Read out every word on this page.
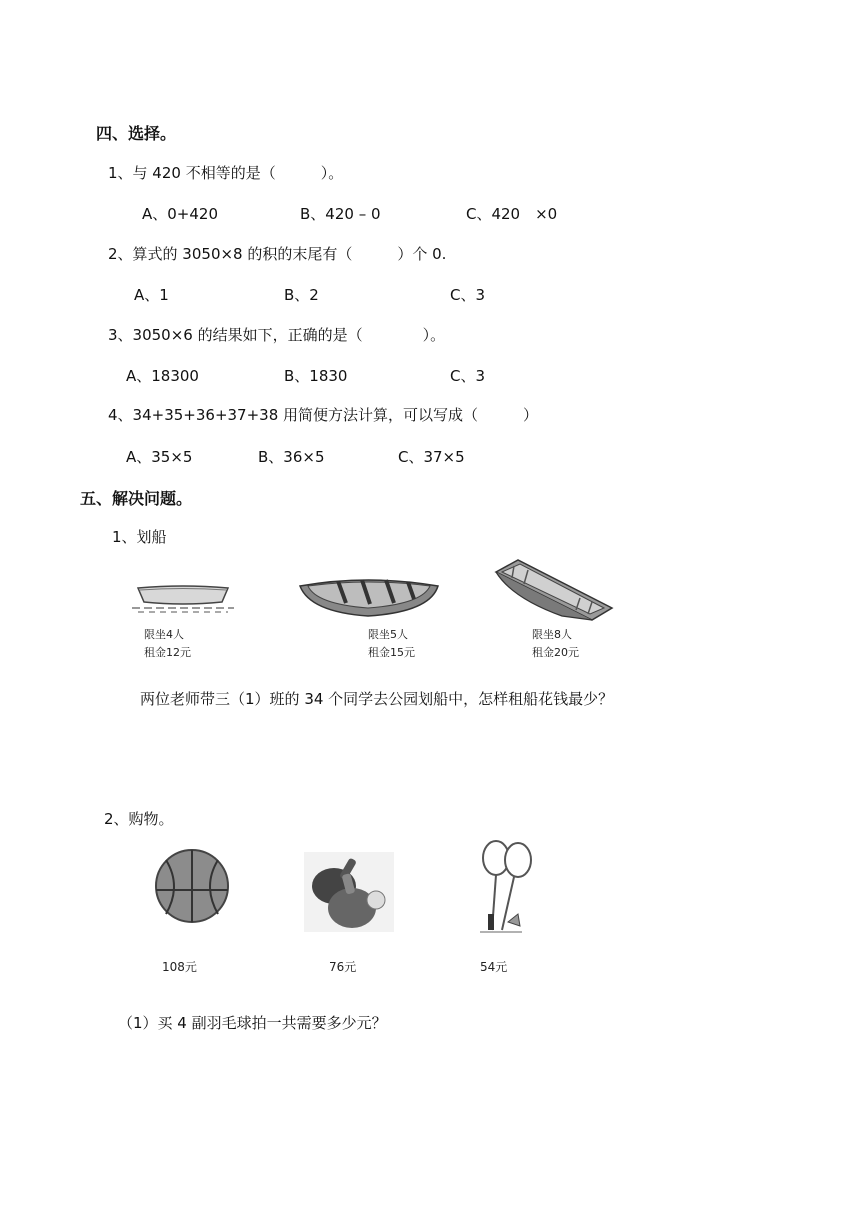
四、选择。
1、与 420 不相等的是（　　　）。
A、0+420	B、420 – 0	C、420　×0
2、算式的 3050×8 的积的末尾有（　　　）个 0.
A、1	B、2	C、3
3、3050×6 的结果如下，正确的是（　　　　）。
A、18300	B、1830	C、3
4、34+35+36+37+38 用简便方法计算，可以写成（　　　）
A、35×5	B、36×5	C、37×5
五、解决问题。
1、划船
限坐4人
租金12元
限坐5人
租金15元
限坐8人
租金20元
两位老师带三（1）班的 34 个同学去公园划船中，怎样租船花钱最少？
2、购物。
108元	76元	54元
（1）买 4 副羽毛球拍一共需要多少元？
